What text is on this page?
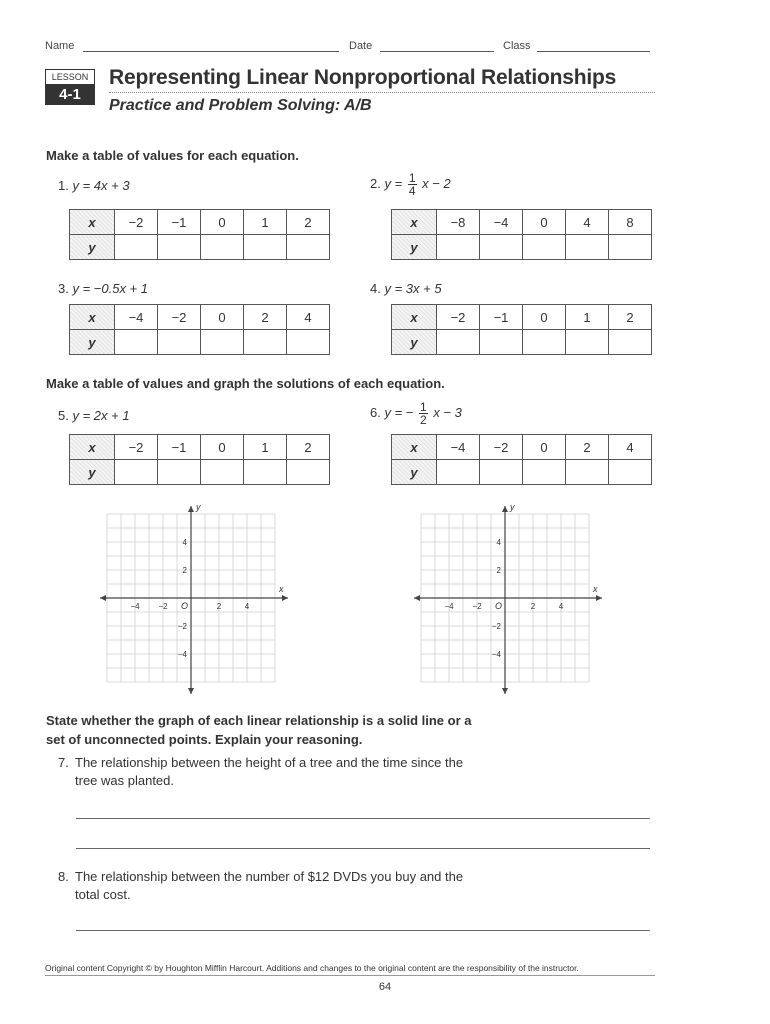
Name	Date	Class
LESSON
4-1
Representing Linear Nonproportional Relationships
Practice and Problem Solving: A/B
Make a table of values for each equation.
1. y = 4x + 3	2. $y = \frac{1}{4}$ x − 2
x	−2	−1	0	1	2
y					
x	−8	−4	0	4	8
y					
3. y = −0.5x + 1	4. y = 3x + 5
x	−4	−2	0	2	4
y					
x	−2	−1	0	1	2
y					
Make a table of values and graph the solutions of each equation.
5. y = 2x + 1	6. y = − $\frac{1}{2}$ x − 3
x	−2	−1	0	1	2
y					
x	−4	−2	0	2	4
y					
x
y
O
−4 −2	2	4
4
2
−2
−4
x
y
O
−4 −2	2	4
4
2
−2
−4
State whether the graph of each linear relationship is a solid line or a
set of unconnected points. Explain your reasoning.
7. The relationship between the height of a tree and the time since the
tree was planted.
8. The relationship between the number of $12 DVDs you buy and the
total cost.
Original content Copyright © by Houghton Mifflin Harcourt. Additions and changes to the original content are the responsibility of the instructor.
64
